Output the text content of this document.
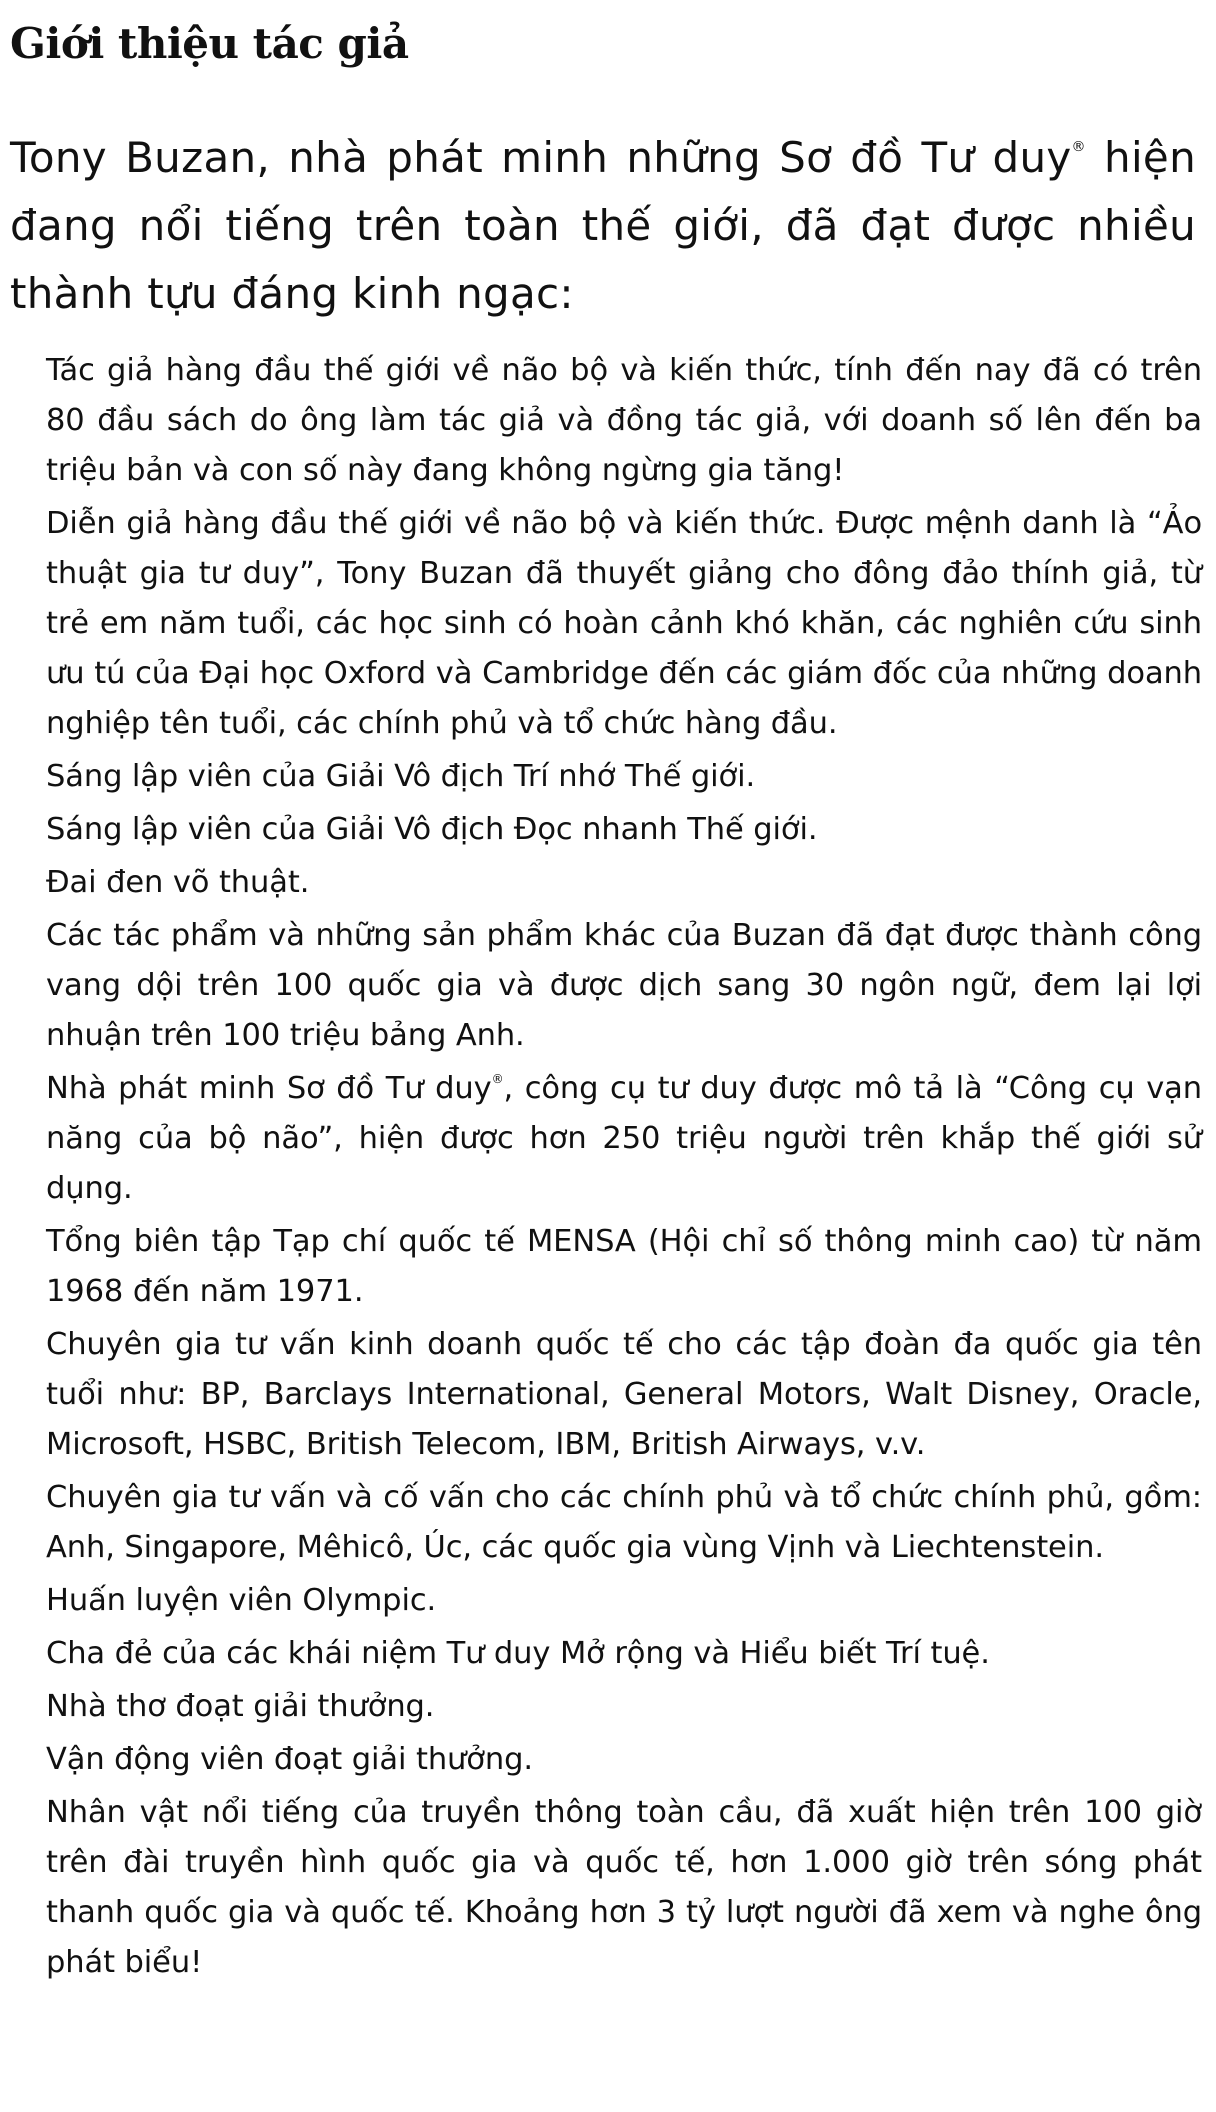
Giới thiệu tác giả

Tony Buzan, nhà phát minh những Sơ đồ Tư duy® hiện đang nổi tiếng trên toàn thế giới, đã đạt được nhiều thành tựu đáng kinh ngạc:

Tác giả hàng đầu thế giới về não bộ và kiến thức, tính đến nay đã có trên 80 đầu sách do ông làm tác giả và đồng tác giả, với doanh số lên đến ba triệu bản và con số này đang không ngừng gia tăng!
Diễn giả hàng đầu thế giới về não bộ và kiến thức. Được mệnh danh là “Ảo thuật gia tư duy”, Tony Buzan đã thuyết giảng cho đông đảo thính giả, từ trẻ em năm tuổi, các học sinh có hoàn cảnh khó khăn, các nghiên cứu sinh ưu tú của Đại học Oxford và Cambridge đến các giám đốc của những doanh nghiệp tên tuổi, các chính phủ và tổ chức hàng đầu.
Sáng lập viên của Giải Vô địch Trí nhớ Thế giới.
Sáng lập viên của Giải Vô địch Đọc nhanh Thế giới.
Đai đen võ thuật.
Các tác phẩm và những sản phẩm khác của Buzan đã đạt được thành công vang dội trên 100 quốc gia và được dịch sang 30 ngôn ngữ, đem lại lợi nhuận trên 100 triệu bảng Anh.
Nhà phát minh Sơ đồ Tư duy®, công cụ tư duy được mô tả là “Công cụ vạn năng của bộ não”, hiện được hơn 250 triệu người trên khắp thế giới sử dụng.
Tổng biên tập Tạp chí quốc tế MENSA (Hội chỉ số thông minh cao) từ năm 1968 đến năm 1971.
Chuyên gia tư vấn kinh doanh quốc tế cho các tập đoàn đa quốc gia tên tuổi như: BP, Barclays International, General Motors, Walt Disney, Oracle, Microsoft, HSBC, British Telecom, IBM, British Airways, v.v.
Chuyên gia tư vấn và cố vấn cho các chính phủ và tổ chức chính phủ, gồm: Anh, Singapore, Mêhicô, Úc, các quốc gia vùng Vịnh và Liechtenstein.
Huấn luyện viên Olympic.
Cha đẻ của các khái niệm Tư duy Mở rộng và Hiểu biết Trí tuệ.
Nhà thơ đoạt giải thưởng.
Vận động viên đoạt giải thưởng.
Nhân vật nổi tiếng của truyền thông toàn cầu, đã xuất hiện trên 100 giờ trên đài truyền hình quốc gia và quốc tế, hơn 1.000 giờ trên sóng phát thanh quốc gia và quốc tế. Khoảng hơn 3 tỷ lượt người đã xem và nghe ông phát biểu!
